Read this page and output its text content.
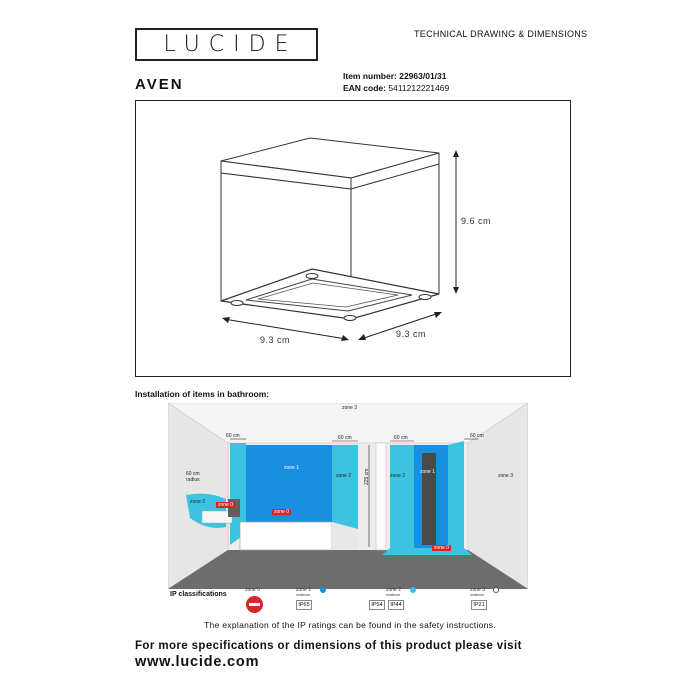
LUCIDE	TECHNICAL DRAWING & DIMENSIONS
AVEN	Item number: 22963/01/31
EAN code: 5411212221469
9.6 cm
9.3 cm
9.3 cm
Installation of items in bathroom:
zone 3
60 cm	60 cm	60 cm	60 cm
60 cm radius
zone 1
zone 2	zone 2
zone 2
zone 1
zone 3
225 cm
zone 0
zone 0
zone 0
IP classifications
zone 0	zone 1
minimum
IP65
zone 2
minimum
IP54	IP44
zone 3
minimum
IP21
The explanation of the IP ratings can be found in the safety instructions.
For more specifications or dimensions of this product please visit
www.lucide.com
